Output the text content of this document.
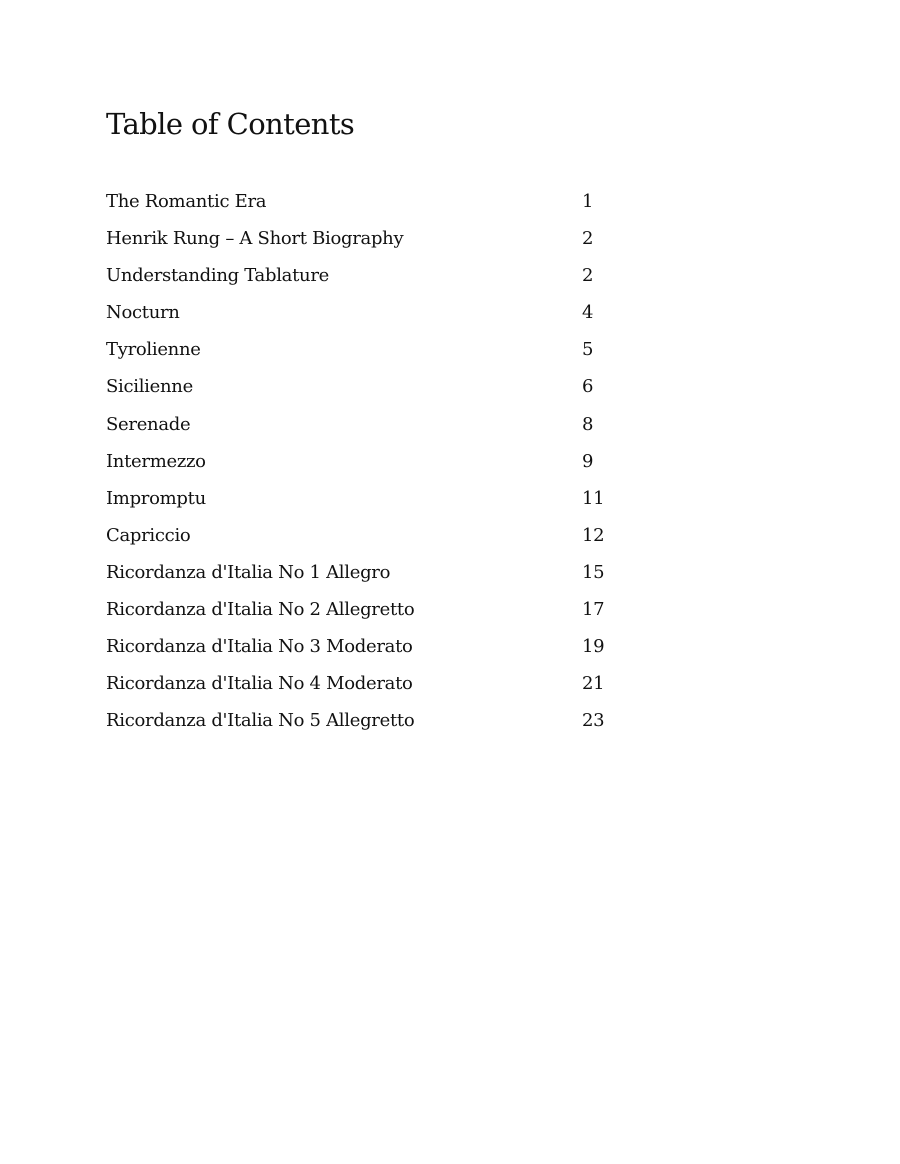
Table of Contents
The Romantic Era	1
Henrik Rung – A Short Biography	2
Understanding Tablature	2
Nocturn	4
Tyrolienne	5
Sicilienne	6
Serenade	8
Intermezzo	9
Impromptu	11
Capriccio	12
Ricordanza d'Italia No 1 Allegro	15
Ricordanza d'Italia No 2 Allegretto	17
Ricordanza d'Italia No 3 Moderato	19
Ricordanza d'Italia No 4 Moderato	21
Ricordanza d'Italia No 5 Allegretto	23
